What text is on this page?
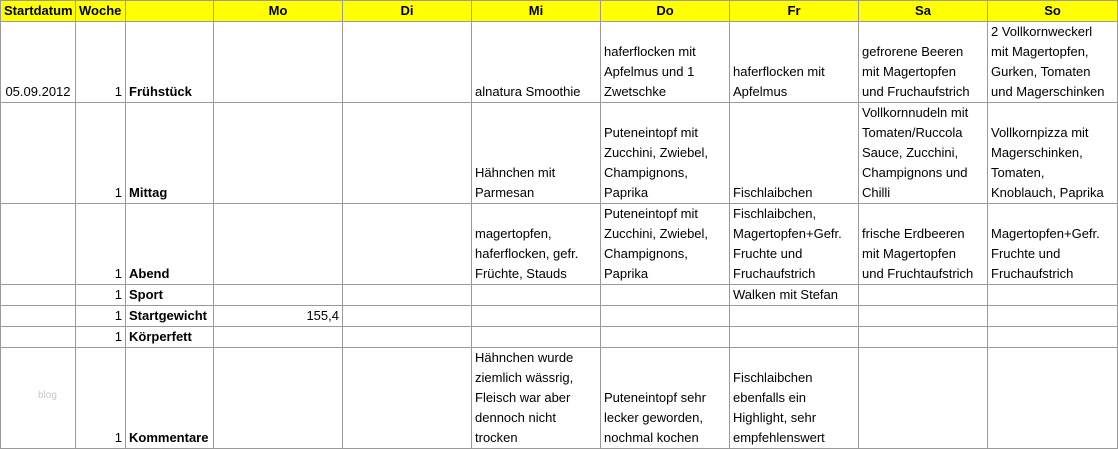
Startdatum	Woche		Mo	Di	Mi	Do	Fr	Sa	So
05.09.2012	1	Frühstück			alnatura Smoothie	haferflocken mit
Apfelmus und 1
Zwetschke	haferflocken mit
Apfelmus	gefrorene Beeren
mit Magertopfen
und Fruchaufstrich	2 Vollkornweckerl
mit Magertopfen,
Gurken, Tomaten
und Magerschinken
	1	Mittag			Hähnchen mit
Parmesan	Puteneintopf mit
Zucchini, Zwiebel,
Champignons,
Paprika	Fischlaibchen	Vollkornnudeln mit
Tomaten/Ruccola
Sauce, Zucchini,
Champignons und
Chilli	Vollkornpizza mit
Magerschinken,
Tomaten,
Knoblauch, Paprika
	1	Abend			magertopfen,
haferflocken, gefr.
Früchte, Stauds	Puteneintopf mit
Zucchini, Zwiebel,
Champignons,
Paprika	Fischlaibchen,
Magertopfen+Gefr.
Fruchte und
Fruchaufstrich	frische Erdbeeren
mit Magertopfen
und Fruchtaufstrich	Magertopfen+Gefr.
Fruchte und
Fruchaufstrich
	1	Sport					Walken mit Stefan		
	1	Startgewicht	155,4						
	1	Körperfett							
	1	Kommentare			Hähnchen wurde
ziemlich wässrig,
Fleisch war aber
dennoch nicht
trocken	Puteneintopf sehr
lecker geworden,
nochmal kochen	Fischlaibchen
ebenfalls ein
Highlight, sehr
empfehlenswert		
blog
